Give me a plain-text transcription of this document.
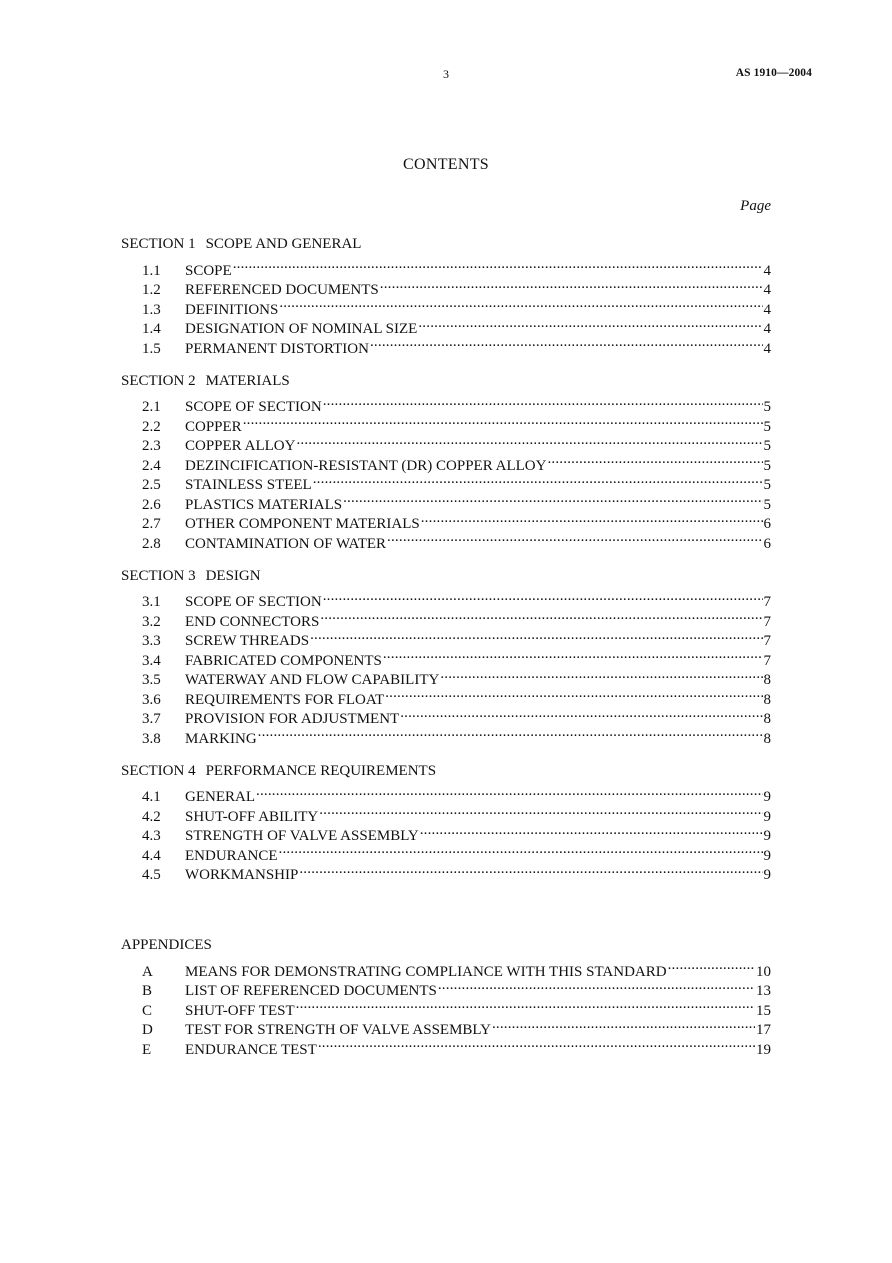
3	AS 1910—2004
CONTENTS
Page
SECTION 1 SCOPE AND GENERAL
1.1	SCOPE .....	4
1.2	REFERENCED DOCUMENTS .....	4
1.3	DEFINITIONS .....	4
1.4	DESIGNATION OF NOMINAL SIZE .....	4
1.5	PERMANENT DISTORTION .....	4
SECTION 2 MATERIALS
2.1	SCOPE OF SECTION .....	5
2.2	COPPER .....	5
2.3	COPPER ALLOY .....	5
2.4	DEZINCIFICATION-RESISTANT (DR) COPPER ALLOY .....	5
2.5	STAINLESS STEEL .....	5
2.6	PLASTICS MATERIALS .....	5
2.7	OTHER COMPONENT MATERIALS .....	6
2.8	CONTAMINATION OF WATER .....	6
SECTION 3 DESIGN
3.1	SCOPE OF SECTION .....	7
3.2	END CONNECTORS .....	7
3.3	SCREW THREADS .....	7
3.4	FABRICATED COMPONENTS .....	7
3.5	WATERWAY AND FLOW CAPABILITY .....	8
3.6	REQUIREMENTS FOR FLOAT .....	8
3.7	PROVISION FOR ADJUSTMENT .....	8
3.8	MARKING .....	8
SECTION 4 PERFORMANCE REQUIREMENTS
4.1	GENERAL .....	9
4.2	SHUT-OFF ABILITY .....	9
4.3	STRENGTH OF VALVE ASSEMBLY .....	9
4.4	ENDURANCE .....	9
4.5	WORKMANSHIP .....	9
APPENDICES
A	MEANS FOR DEMONSTRATING COMPLIANCE WITH THIS STANDARD .....	10
B	LIST OF REFERENCED DOCUMENTS .....	13
C	SHUT-OFF TEST .....	15
D	TEST FOR STRENGTH OF VALVE ASSEMBLY .....	17
E	ENDURANCE TEST .....	19
